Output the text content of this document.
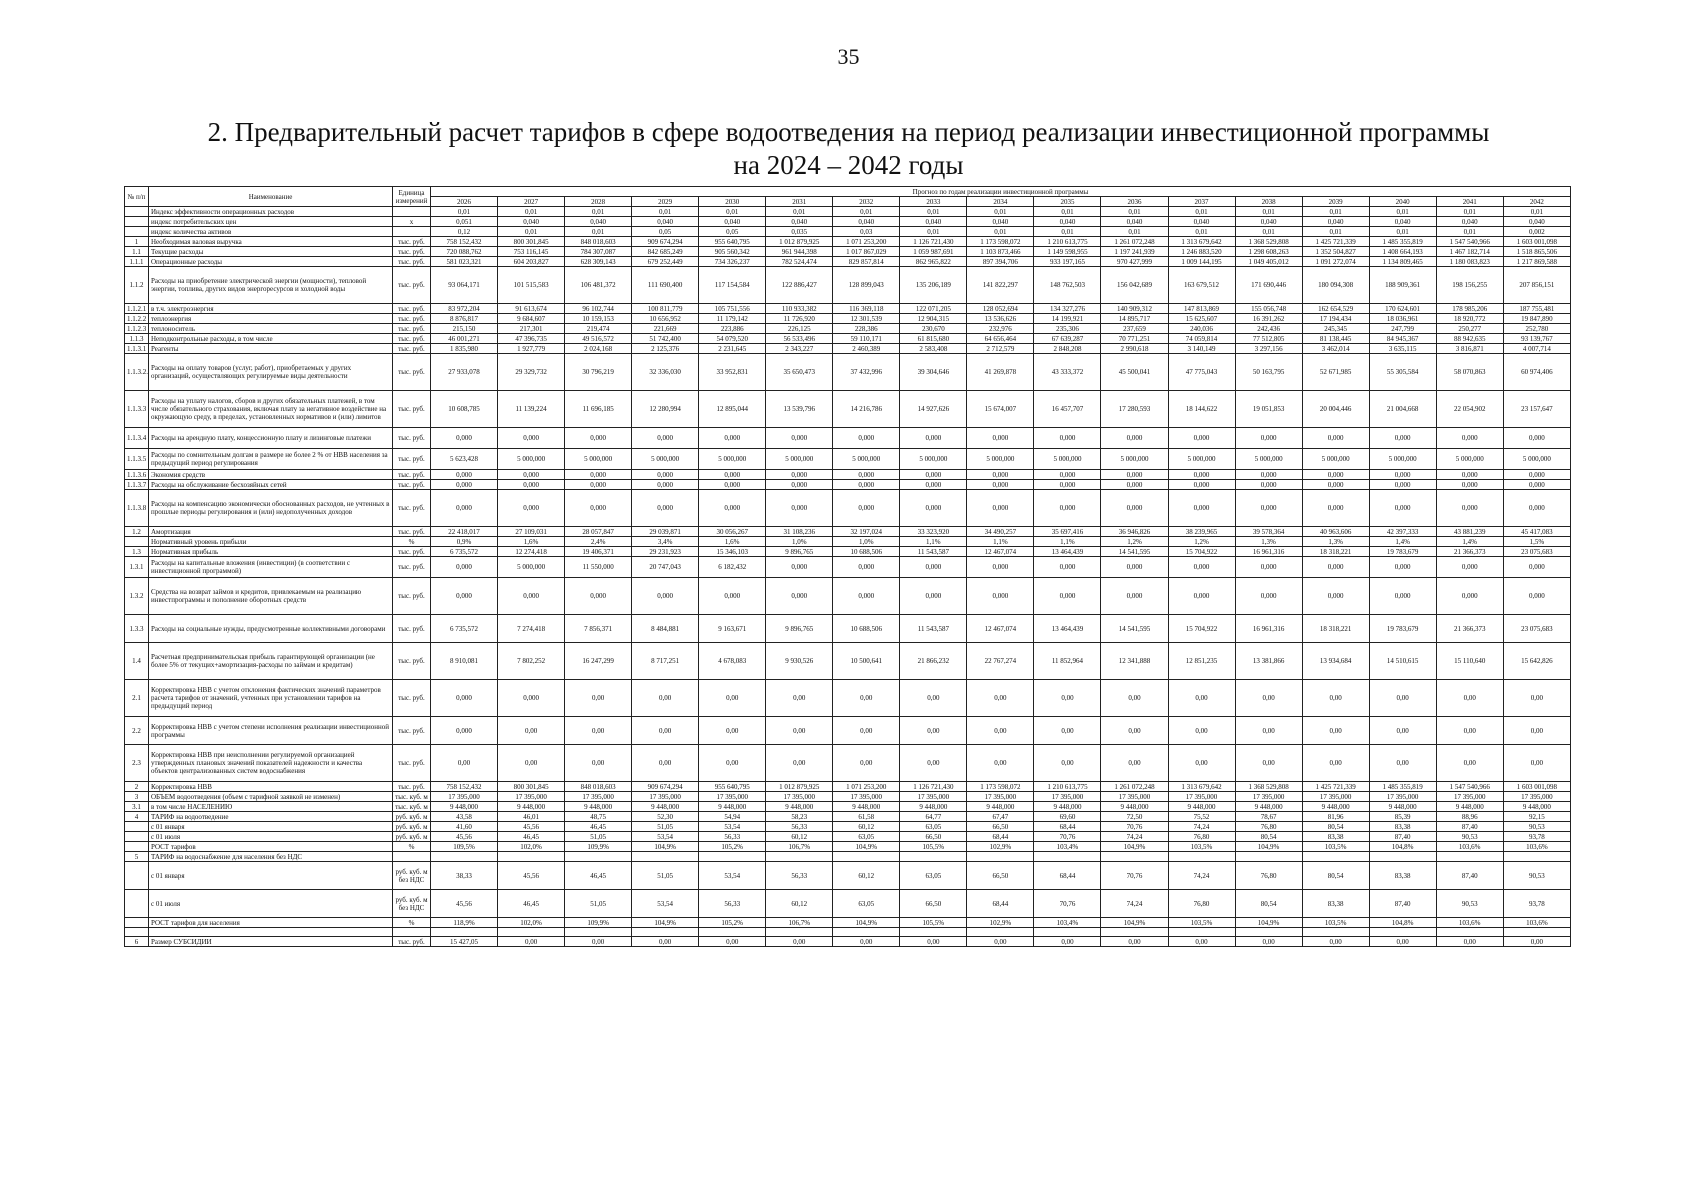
35
2. Предварительный расчет тарифов в сфере водоотведения на период реализации инвестиционной программы
на 2024 – 2042 годы
№ п/п	Наименование	Единица измерений	Прогноз по годам реализации инвестиционной программы																
			2026	2027	2028	2029	2030	2031	2032	2033	2034	2035	2036	2037	2038	2039	2040	2041	2042
	Индекс эффективности операционных расходов		0,01	0,01	0,01	0,01	0,01	0,01	0,01	0,01	0,01	0,01	0,01	0,01	0,01	0,01	0,01	0,01	0,01
	индекс потребительских цен	х	0,051	0,040	0,040	0,040	0,040	0,040	0,040	0,040	0,040	0,040	0,040	0,040	0,040	0,040	0,040	0,040	0,040
	индекс количества активов		0,12	0,01	0,01	0,05	0,05	0,035	0,03	0,01	0,01	0,01	0,01	0,01	0,01	0,01	0,01	0,01	0,002
1	Необходимая валовая выручка	тыс. руб.	758 152,432	800 301,845	848 018,603	909 674,294	955 640,795	1 012 879,925	1 071 253,200	1 126 721,430	1 173 598,072	1 210 613,775	1 261 072,248	1 313 679,642	1 368 529,808	1 425 721,339	1 485 355,819	1 547 540,966	1 603 001,098
1.1	Текущие расходы	тыс. руб.	720 088,762	753 116,145	784 307,087	842 685,249	905 560,342	961 944,398	1 017 867,029	1 059 987,691	1 103 873,466	1 149 598,955	1 197 241,939	1 246 883,520	1 298 608,263	1 352 504,827	1 408 664,193	1 467 182,714	1 518 865,506
1.1.1	Операционные расходы	тыс. руб.	581 023,321	604 203,827	628 309,143	679 252,449	734 326,237	782 524,474	829 857,814	862 965,822	897 394,706	933 197,165	970 427,999	1 009 144,195	1 049 405,012	1 091 272,074	1 134 809,465	1 180 083,823	1 217 869,588
1.1.2	Расходы на приобретение электрической энергии (мощности), тепловой энергии, топлива, других видов энергоресурсов и холодной воды	тыс. руб.	93 064,171	101 515,583	106 481,372	111 690,400	117 154,584	122 886,427	128 899,043	135 206,189	141 822,297	148 762,503	156 042,689	163 679,512	171 690,446	180 094,308	188 909,361	198 156,255	207 856,151
1.1.2.1	в т.ч. электроэнергия	тыс. руб.	83 972,204	91 613,674	96 102,744	100 811,779	105 751,556	110 933,382	116 369,118	122 071,205	128 052,694	134 327,276	140 909,312	147 813,869	155 056,748	162 654,529	170 624,601	178 985,206	187 755,481
1.1.2.2	теплоэнергия	тыс. руб.	8 876,817	9 684,607	10 159,153	10 656,952	11 179,142	11 726,920	12 301,539	12 904,315	13 536,626	14 199,921	14 895,717	15 625,607	16 391,262	17 194,434	18 036,961	18 920,772	19 847,890
1.1.2.3	теплоноситель	тыс. руб.	215,150	217,301	219,474	221,669	223,886	226,125	228,386	230,670	232,976	235,306	237,659	240,036	242,436	245,345	247,799	250,277	252,780
1.1.3	Неподконтрольные расходы, в том числе	тыс. руб.	46 001,271	47 396,735	49 516,572	51 742,400	54 079,520	56 533,496	59 110,171	61 815,680	64 656,464	67 639,287	70 771,251	74 059,814	77 512,805	81 138,445	84 945,367	88 942,635	93 139,767
1.1.3.1	Реагенты	тыс. руб.	1 835,980	1 927,779	2 024,168	2 125,376	2 231,645	2 343,227	2 460,389	2 583,408	2 712,579	2 848,208	2 990,618	3 140,149	3 297,156	3 462,014	3 635,115	3 816,871	4 007,714
1.1.3.2.	Расходы на оплату товаров (услуг, работ), приобретаемых у других организаций, осуществляющих регулируемые виды деятельности	тыс. руб.	27 933,078	29 329,732	30 796,219	32 336,030	33 952,831	35 650,473	37 432,996	39 304,646	41 269,878	43 333,372	45 500,041	47 775,043	50 163,795	52 671,985	55 305,584	58 070,863	60 974,406
1.1.3.3	Расходы на уплату налогов, сборов и других обязательных платежей, в том числе обязательного страхования, включая плату за негативное воздействие на окружающую среду, в пределах, установленных нормативов и (или) лимитов	тыс. руб.	10 608,785	11 139,224	11 696,185	12 280,994	12 895,044	13 539,796	14 216,786	14 927,626	15 674,007	16 457,707	17 280,593	18 144,622	19 051,853	20 004,446	21 004,668	22 054,902	23 157,647
1.1.3.4	Расходы на арендную плату, концессионную плату и лизинговые платежи	тыс. руб.	0,000	0,000	0,000	0,000	0,000	0,000	0,000	0,000	0,000	0,000	0,000	0,000	0,000	0,000	0,000	0,000	0,000
1.1.3.5	Расходы по сомнительным долгам в размере не более 2 % от НВВ населения за предыдущий период регулирования	тыс. руб.	5 623,428	5 000,000	5 000,000	5 000,000	5 000,000	5 000,000	5 000,000	5 000,000	5 000,000	5 000,000	5 000,000	5 000,000	5 000,000	5 000,000	5 000,000	5 000,000	5 000,000
1.1.3.6	Экономия средств	тыс. руб.	0,000	0,000	0,000	0,000	0,000	0,000	0,000	0,000	0,000	0,000	0,000	0,000	0,000	0,000	0,000	0,000	0,000
1.1.3.7	Расходы на обслуживание бесхозяйных сетей	тыс. руб.	0,000	0,000	0,000	0,000	0,000	0,000	0,000	0,000	0,000	0,000	0,000	0,000	0,000	0,000	0,000	0,000	0,000
1.1.3.8	Расходы на компенсацию экономически обоснованных расходов, не учтенных в прошлые периоды регулирования и (или) недополученных доходов	тыс. руб.	0,000	0,000	0,000	0,000	0,000	0,000	0,000	0,000	0,000	0,000	0,000	0,000	0,000	0,000	0,000	0,000	0,000
1.2	Амортизация	тыс. руб.	22 418,017	27 109,031	28 057,847	29 039,871	30 056,267	31 108,236	32 197,024	33 323,920	34 490,257	35 697,416	36 946,826	38 239,965	39 578,364	40 963,606	42 397,333	43 881,239	45 417,083
	Нормативный уровень прибыли	%	0,9%	1,6%	2,4%	3,4%	1,6%	1,0%	1,0%	1,1%	1,1%	1,1%	1,2%	1,2%	1,3%	1,3%	1,4%	1,4%	1,5%
1.3	Нормативная прибыль	тыс. руб.	6 735,572	12 274,418	19 406,371	29 231,923	15 346,103	9 896,765	10 688,506	11 543,587	12 467,074	13 464,439	14 541,595	15 704,922	16 961,316	18 318,221	19 783,679	21 366,373	23 075,683
1.3.1	Расходы на капитальные вложения (инвестиции) (в соответствии с инвестиционной программой)	тыс. руб.	0,000	5 000,000	11 550,000	20 747,043	6 182,432	0,000	0,000	0,000	0,000	0,000	0,000	0,000	0,000	0,000	0,000	0,000	0,000
1.3.2	Средства на возврат займов и кредитов, привлекаемым на реализацию инвестпрограммы и пополнение оборотных средств	тыс. руб.	0,000	0,000	0,000	0,000	0,000	0,000	0,000	0,000	0,000	0,000	0,000	0,000	0,000	0,000	0,000	0,000	0,000
1.3.3	Расходы на социальные нужды, предусмотренные коллективными договорами	тыс. руб.	6 735,572	7 274,418	7 856,371	8 484,881	9 163,671	9 896,765	10 688,506	11 543,587	12 467,074	13 464,439	14 541,595	15 704,922	16 961,316	18 318,221	19 783,679	21 366,373	23 075,683
1.4	Расчетная предпринимательская прибыль гарантирующей организации (не более 5% от текущих+амортизация-расходы по займам и кредитам)	тыс. руб.	8 910,081	7 802,252	16 247,299	8 717,251	4 678,083	9 930,526	10 500,641	21 866,232	22 767,274	11 852,964	12 341,888	12 851,235	13 381,866	13 934,684	14 510,615	15 110,640	15 642,826
2.1	Корректировка НВВ с учетом отклонения фактических значений параметров расчета тарифов от значений, учтенных при установлении тарифов на предыдущий период	тыс. руб.	0,000	0,000	0,00	0,00	0,00	0,00	0,00	0,00	0,00	0,00	0,00	0,00	0,00	0,00	0,00	0,00	0,00
2.2	Корректировка НВВ с учетом степени исполнения реализации инвестиционной программы	тыс. руб.	0,000	0,00	0,00	0,00	0,00	0,00	0,00	0,00	0,00	0,00	0,00	0,00	0,00	0,00	0,00	0,00	0,00
2.3	Корректировка НВВ при неисполнении регулируемой организацией утвержденных плановых значений показателей надежности и качества объектов централизованных систем водоснабжения	тыс. руб.	0,00	0,00	0,00	0,00	0,00	0,00	0,00	0,00	0,00	0,00	0,00	0,00	0,00	0,00	0,00	0,00	0,00
2	Корректировка НВВ	тыс. руб.	758 152,432	800 301,845	848 018,603	909 674,294	955 640,795	1 012 879,925	1 071 253,200	1 126 721,430	1 173 598,072	1 210 613,775	1 261 072,248	1 313 679,642	1 368 529,808	1 425 721,339	1 485 355,819	1 547 540,966	1 603 001,098
3	ОБЪЕМ водоотведения (объем с тарифной заявкой не изменен)	тыс. куб. м	17 395,000	17 395,000	17 395,000	17 395,000	17 395,000	17 395,000	17 395,000	17 395,000	17 395,000	17 395,000	17 395,000	17 395,000	17 395,000	17 395,000	17 395,000	17 395,000	17 395,000
3.1	в том числе НАСЕЛЕНИЮ	тыс. куб. м	9 448,000	9 448,000	9 448,000	9 448,000	9 448,000	9 448,000	9 448,000	9 448,000	9 448,000	9 448,000	9 448,000	9 448,000	9 448,000	9 448,000	9 448,000	9 448,000	9 448,000
4	ТАРИФ на водоотведение	руб. куб. м	43,58	46,01	48,75	52,30	54,94	58,23	61,58	64,77	67,47	69,60	72,50	75,52	78,67	81,96	85,39	88,96	92,15
	с 01 января	руб. куб. м	41,60	45,56	46,45	51,05	53,54	56,33	60,12	63,05	66,50	68,44	70,76	74,24	76,80	80,54	83,38	87,40	90,53
	с 01 июля	руб. куб. м	45,56	46,45	51,05	53,54	56,33	60,12	63,05	66,50	68,44	70,76	74,24	76,80	80,54	83,38	87,40	90,53	93,78
	РОСТ тарифов	%	109,5%	102,0%	109,9%	104,9%	105,2%	106,7%	104,9%	105,5%	102,9%	103,4%	104,9%	103,5%	104,9%	103,5%	104,8%	103,6%	103,6%
5	ТАРИФ на водоснабжение для населения без НДС																		
	с 01 января	руб. куб. м без НДС	38,33	45,56	46,45	51,05	53,54	56,33	60,12	63,05	66,50	68,44	70,76	74,24	76,80	80,54	83,38	87,40	90,53
	с 01 июля	руб. куб. м без НДС	45,56	46,45	51,05	53,54	56,33	60,12	63,05	66,50	68,44	70,76	74,24	76,80	80,54	83,38	87,40	90,53	93,78
	РОСТ тарифов для населения	%	118,9%	102,0%	109,9%	104,9%	105,2%	106,7%	104,9%	105,5%	102,9%	103,4%	104,9%	103,5%	104,9%	103,5%	104,8%	103,6%	103,6%

6	Размер СУБСИДИИ	тыс. руб.	15 427,05	0,00	0,00	0,00	0,00	0,00	0,00	0,00	0,00	0,00	0,00	0,00	0,00	0,00	0,00	0,00	0,00
